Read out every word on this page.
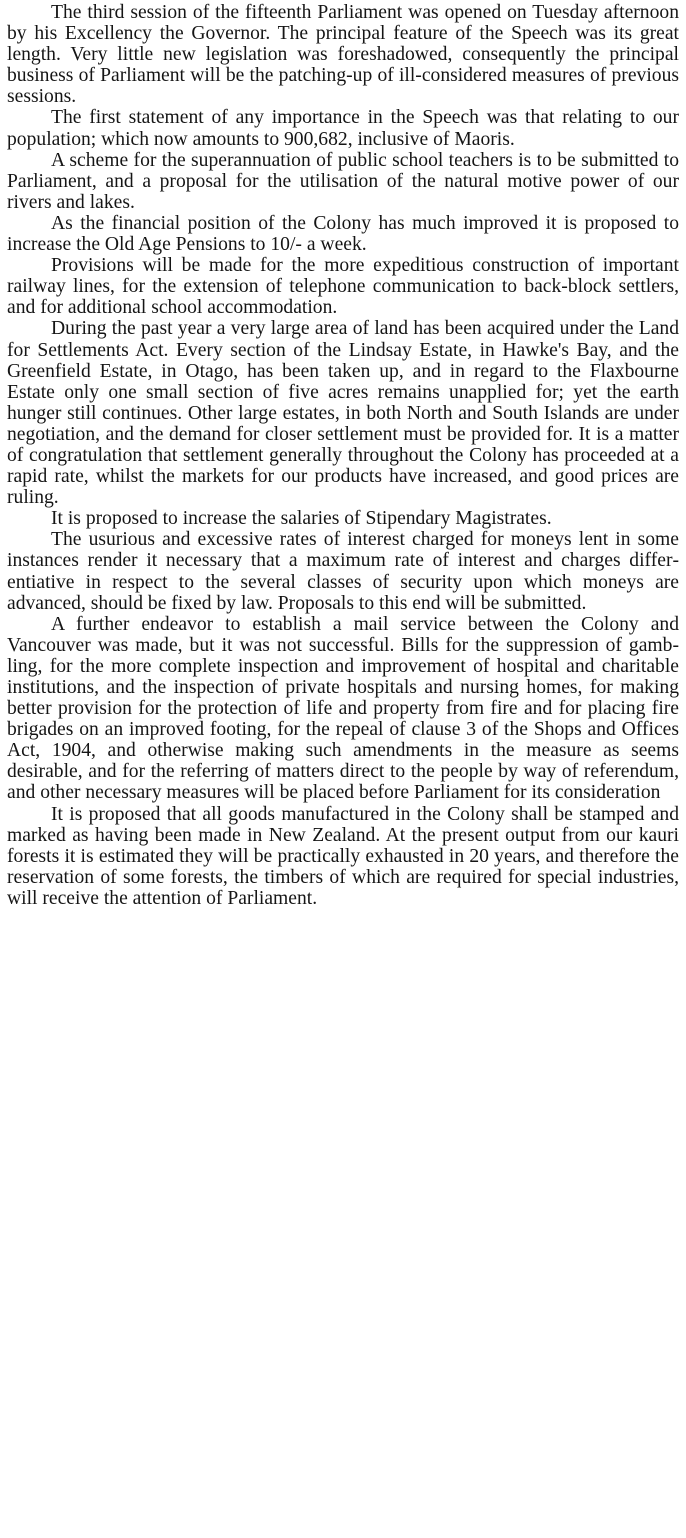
The third session of the fifteenth Parliament was opened on Tuesday afternoon by his Excellency the Governor. The principal feature of the Speech was its great length. Very little new legislation was foreshadowed, consequently the principal business of Parliament will be the patching-up of ill-considered measures of previous sessions.

The first statement of any importance in the Speech was that relating to our population; which now amounts to 900,682, inclusive of Maoris.

A scheme for the superannuation of public school teachers is to be submitted to Parliament, and a proposal for the utilisation of the natural motive power of our rivers and lakes.

As the financial position of the Colony has much improved it is proposed to increase the Old Age Pensions to 10/- a week.

Provisions will be made for the more expeditious construction of important railway lines, for the extension of telephone communication to back-block settlers, and for additional school accommodation.

During the past year a very large area of land has been acquired under the Land for Settlements Act. Every section of the Lindsay Estate, in Hawke's Bay, and the Greenfield Estate, in Otago, has been taken up, and in regard to the Flaxbourne Estate only one small section of five acres remains unapplied for; yet the earth hunger still continues. Other large estates, in both North and South Islands are under negotiation, and the demand for closer settlement must be provided for. It is a matter of congratulation that settlement generally throughout the Colony has proceeded at a rapid rate, whilst the markets for our products have increased, and good prices are ruling.

It is proposed to increase the salaries of Stipendary Magistrates.

The usurious and excessive rates of interest charged for moneys lent in some instances render it necessary that a maximum rate of interest and charges differentiative in respect to the several classes of security upon which moneys are advanced, should be fixed by law. Proposals to this end will be submitted.

A further endeavor to establish a mail service between the Colony and Vancouver was made, but it was not successful. Bills for the suppression of gambling, for the more complete inspection and improvement of hospital and charitable institutions, and the inspection of private hospitals and nursing homes, for making better provision for the protection of life and property from fire and for placing fire brigades on an improved footing, for the repeal of clause 3 of the Shops and Offices Act, 1904, and otherwise making such amendments in the measure as seems desirable, and for the referring of matters direct to the people by way of referendum, and other necessary measures will be placed before Parliament for its consideration

It is proposed that all goods manufactured in the Colony shall be stamped and marked as having been made in New Zealand. At the present output from our kauri forests it is estimated they will be practically exhausted in 20 years, and therefore the reservation of some forests, the timbers of which are required for special industries, will receive the attention of Parliament.
